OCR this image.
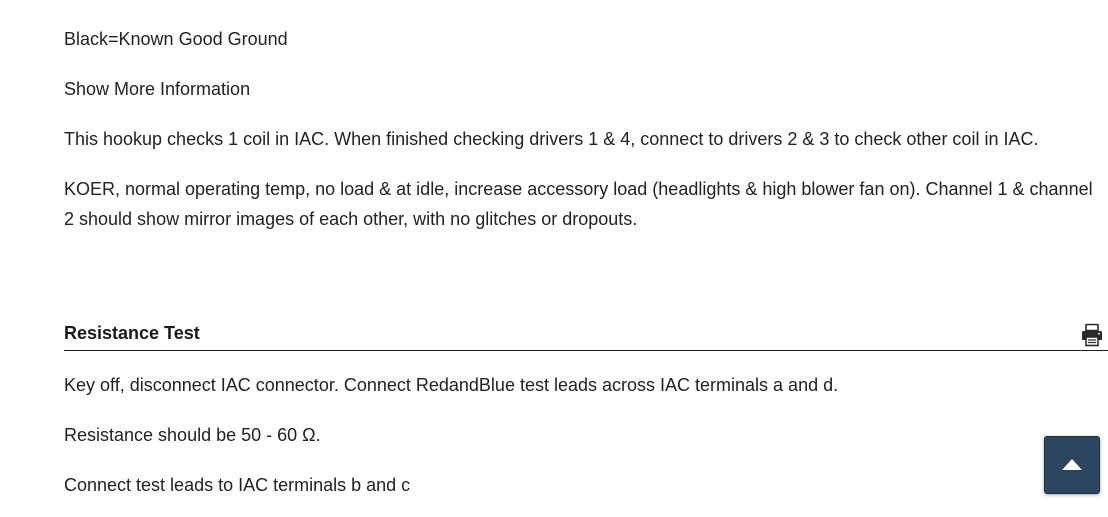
Black=Known Good Ground

Show More Information

This hookup checks 1 coil in IAC. When finished checking drivers 1 & 4, connect to drivers 2 & 3 to check other coil in IAC.

KOER, normal operating temp, no load & at idle, increase accessory load (headlights & high blower fan on). Channel 1 & channel 2 should show mirror images of each other, with no glitches or dropouts.

Resistance Test

Key off, disconnect IAC connector. Connect RedandBlue test leads across IAC terminals a and d.

Resistance should be 50 - 60 Ω.

Connect test leads to IAC terminals b and c
